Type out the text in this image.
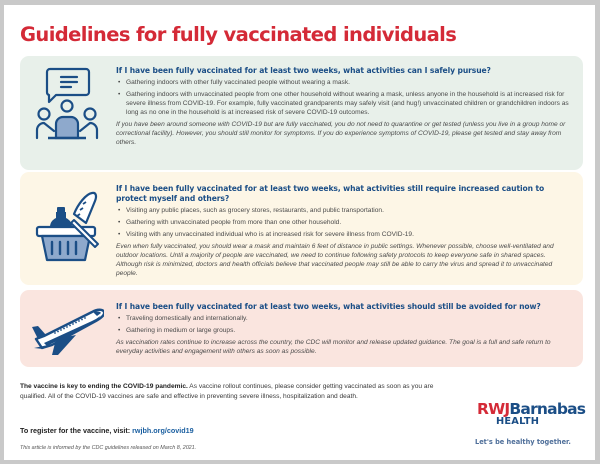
Guidelines for fully vaccinated individuals
If I have been fully vaccinated for at least two weeks, what activities can I safely pursue?
• Gathering indoors with other fully vaccinated people without wearing a mask.
• Gathering indoors with unvaccinated people from one other household without wearing a mask, unless anyone in the household is at increased risk for severe illness from COVID-19. For example, fully vaccinated grandparents may safely visit (and hug!) unvaccinated children or grandchildren indoors as long as no one in the household is at increased risk of severe COVID-19 outcomes.

If you have been around someone with COVID-19 but are fully vaccinated, you do not need to quarantine or get tested (unless you live in a group home or correctional facility). However, you should still monitor for symptoms. If you do experience symptoms of COVID-19, please get tested and stay away from others.

If I have been fully vaccinated for at least two weeks, what activities still require increased caution to protect myself and others?
• Visiting any public places, such as grocery stores, restaurants, and public transportation.
• Gathering with unvaccinated people from more than one other household.
• Visiting with any unvaccinated individual who is at increased risk for severe illness from COVID-19.

Even when fully vaccinated, you should wear a mask and maintain 6 feet of distance in public settings. Whenever possible, choose well-ventilated and outdoor locations. Until a majority of people are vaccinated, we need to continue following safety protocols to keep everyone safe in shared spaces. Although risk is minimized, doctors and health officials believe that vaccinated people may still be able to carry the virus and spread it to unvaccinated people.

If I have been fully vaccinated for at least two weeks, what activities should still be avoided for now?
• Traveling domestically and internationally.
• Gathering in medium or large groups.

As vaccination rates continue to increase across the country, the CDC will monitor and release updated guidance. The goal is a full and safe return to everyday activities and engagement with others as soon as possible.

The vaccine is key to ending the COVID-19 pandemic. As vaccine rollout continues, please consider getting vaccinated as soon as you are qualified. All of the COVID-19 vaccines are safe and effective in preventing severe illness, hospitalization and death.

To register for the vaccine, visit: rwjbh.org/covid19

This article is informed by the CDC guidelines released on March 8, 2021.

RWJBarnabas
HEALTH

Let's be healthy together.
